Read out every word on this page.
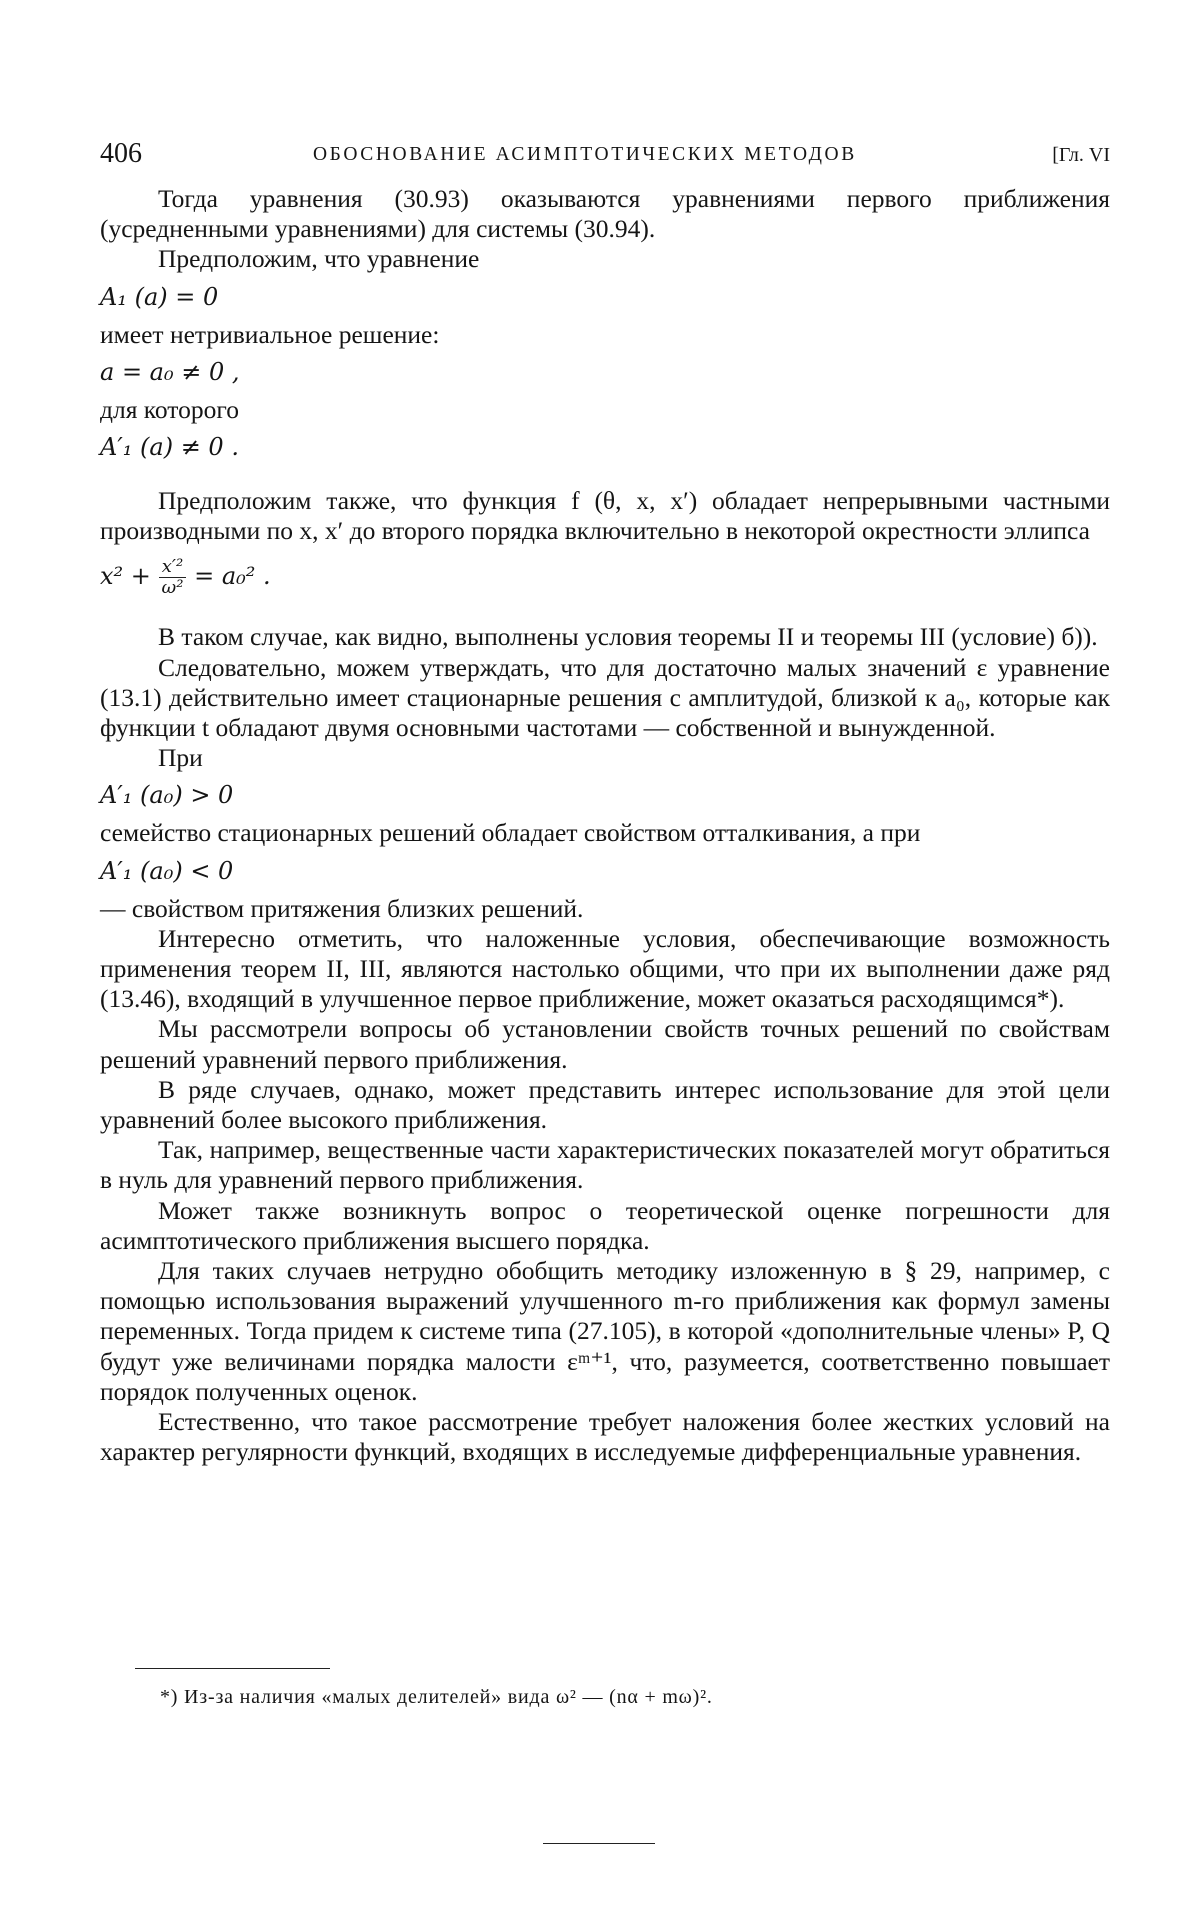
406	ОБОСНОВАНИЕ АСИМПТОТИЧЕСКИХ МЕТОДОВ	[Гл. VI

Тогда уравнения (30.93) оказываются уравнениями первого приближения (усредненными уравнениями) для системы (30.94).

Предположим, что уравнение

A₁ (a) = 0

имеет нетривиальное решение:

a = a₀ ≠ 0 ,

для которого

A′₁ (a) ≠ 0 .

Предположим также, что функция f (θ, x, x′) обладает непрерывными частными производными по x, x′ до второго порядка включительно в некоторой окрестности эллипса

$x^2 + \frac{\text{x′²}}{\text{ω²}} = a_0^2$ .

В таком случае, как видно, выполнены условия теоремы II и теоремы III (условие) б)).

Следовательно, можем утверждать, что для достаточно малых значений ε уравнение (13.1) действительно имеет стационарные решения с амплитудой, близкой к a₀, которые как функции t обладают двумя основными частотами — собственной и вынужденной.

При

A′₁ (a₀) > 0

семейство стационарных решений обладает свойством отталкивания, а при

A′₁ (a₀) < 0

— свойством притяжения близких решений.

Интересно отметить, что наложенные условия, обеспечивающие возможность применения теорем II, III, являются настолько общими, что при их выполнении даже ряд (13.46), входящий в улучшенное первое приближение, может оказаться расходящимся*).

Мы рассмотрели вопросы об установлении свойств точных решений по свойствам решений уравнений первого приближения.

В ряде случаев, однако, может представить интерес использование для этой цели уравнений более высокого приближения.

Так, например, вещественные части характеристических показателей могут обратиться в нуль для уравнений первого приближения.

Может также возникнуть вопрос о теоретической оценке погрешности для асимптотического приближения высшего порядка.

Для таких случаев нетрудно обобщить методику изложенную в § 29, например, с помощью использования выражений улучшенного m-го приближения как формул замены переменных. Тогда придем к системе типа (27.105), в которой «дополнительные члены» P, Q будут уже величинами порядка малости εᵐ⁺¹, что, разумеется, соответственно повышает порядок полученных оценок.

Естественно, что такое рассмотрение требует наложения более жестких условий на характер регулярности функций, входящих в исследуемые дифференциальные уравнения.

*) Из-за наличия «малых делителей» вида ω² — (nα + mω)².
